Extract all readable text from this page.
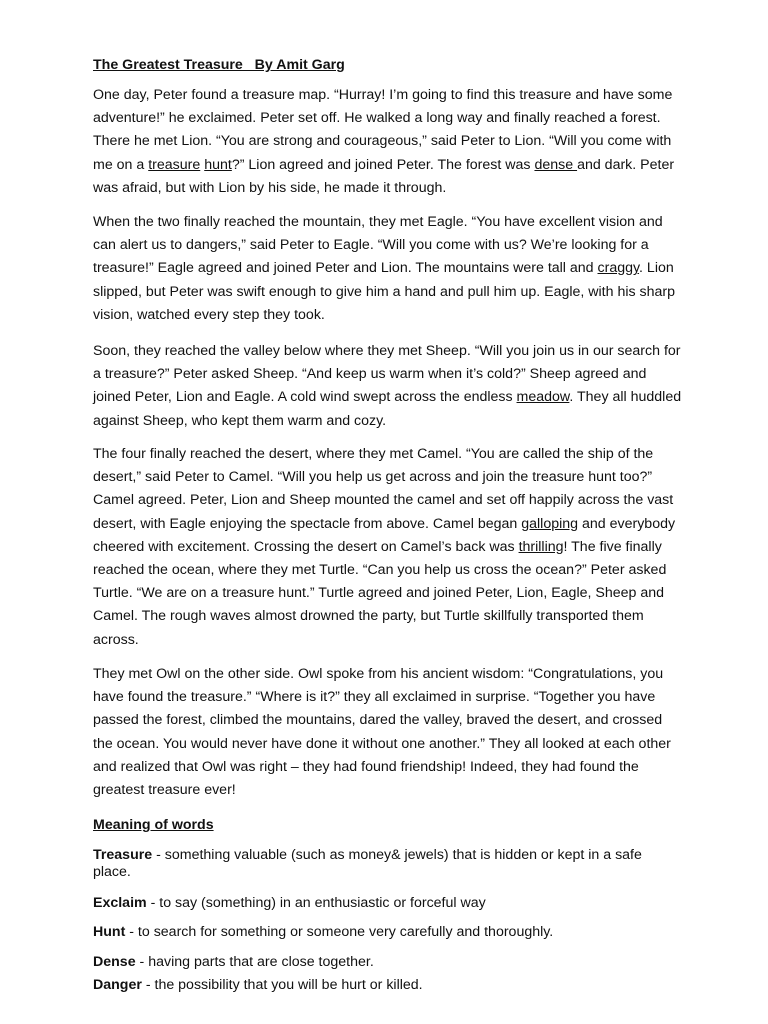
The Greatest Treasure   By Amit Garg

One day, Peter found a treasure map. “Hurray! I’m going to find this treasure and have some adventure!” he exclaimed. Peter set off. He walked a long way and finally reached a forest. There he met Lion. “You are strong and courageous,” said Peter to Lion. “Will you come with me on a treasure hunt?” Lion agreed and joined Peter. The forest was dense and dark. Peter was afraid, but with Lion by his side, he made it through.

When the two finally reached the mountain, they met Eagle. “You have excellent vision and can alert us to dangers,” said Peter to Eagle. “Will you come with us? We’re looking for a treasure!” Eagle agreed and joined Peter and Lion. The mountains were tall and craggy. Lion slipped, but Peter was swift enough to give him a hand and pull him up. Eagle, with his sharp vision, watched every step they took.

Soon, they reached the valley below where they met Sheep. “Will you join us in our search for a treasure?” Peter asked Sheep. “And keep us warm when it’s cold?” Sheep agreed and joined Peter, Lion and Eagle. A cold wind swept across the endless meadow. They all huddled against Sheep, who kept them warm and cozy.

The four finally reached the desert, where they met Camel. “You are called the ship of the desert,” said Peter to Camel. “Will you help us get across and join the treasure hunt too?” Camel agreed. Peter, Lion and Sheep mounted the camel and set off happily across the vast desert, with Eagle enjoying the spectacle from above. Camel began galloping and everybody cheered with excitement. Crossing the desert on Camel’s back was thrilling! The five finally reached the ocean, where they met Turtle. “Can you help us cross the ocean?” Peter asked Turtle. “We are on a treasure hunt.” Turtle agreed and joined Peter, Lion, Eagle, Sheep and Camel. The rough waves almost drowned the party, but Turtle skillfully transported them across.

They met Owl on the other side. Owl spoke from his ancient wisdom: “Congratulations, you have found the treasure.” “Where is it?” they all exclaimed in surprise. “Together you have passed the forest, climbed the mountains, dared the valley, braved the desert, and crossed the ocean. You would never have done it without one another.” They all looked at each other and realized that Owl was right – they had found friendship! Indeed, they had found the greatest treasure ever!

Meaning of words

Treasure - something valuable (such as money& jewels) that is hidden or kept in a safe place.

Exclaim - to say (something) in an enthusiastic or forceful way

Hunt - to search for something or someone very carefully and thoroughly.

Dense - having parts that are close together.

Danger - the possibility that you will be hurt or killed.
